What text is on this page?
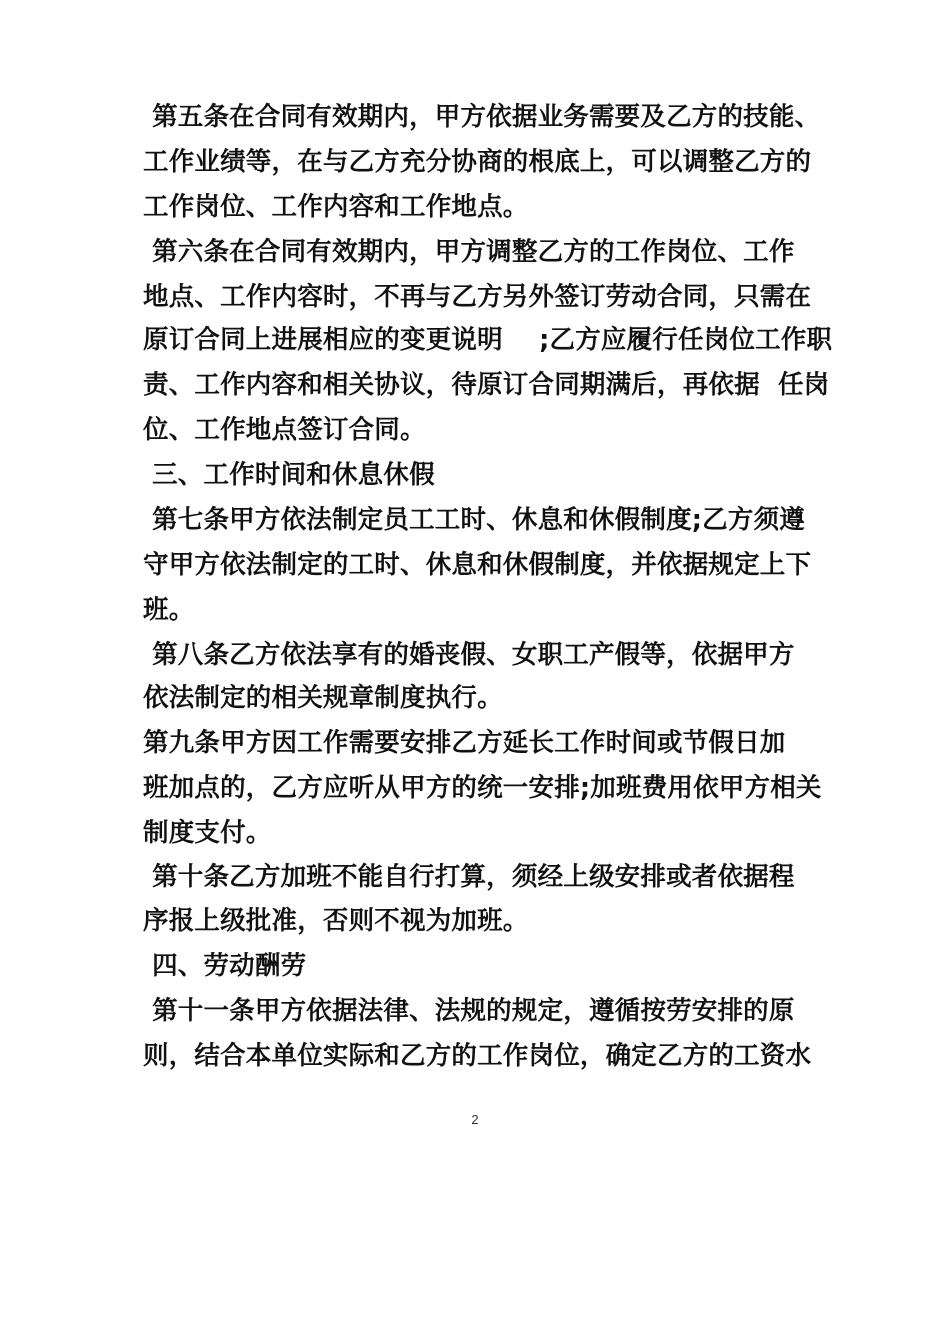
第五条在合同有效期内，甲方依据业务需要及乙方的技能、
工作业绩等，在与乙方充分协商的根底上，可以调整乙方的
工作岗位、工作内容和工作地点。
第六条在合同有效期内，甲方调整乙方的工作岗位、工作
地点、工作内容时，不再与乙方另外签订劳动合同，只需在
原订合同上进展相应的变更说明    ;乙方应履行任岗位工作职
责、工作内容和相关协议，待原订合同期满后，再依据  任岗
位、工作地点签订合同。
三、工作时间和休息休假
第七条甲方依法制定员工工时、休息和休假制度;乙方须遵
守甲方依法制定的工时、休息和休假制度，并依据规定上下
班。
第八条乙方依法享有的婚丧假、女职工产假等，依据甲方
依法制定的相关规章制度执行。
第九条甲方因工作需要安排乙方延长工作时间或节假日加
班加点的，乙方应听从甲方的统一安排;加班费用依甲方相关
制度支付。
第十条乙方加班不能自行打算，须经上级安排或者依据程
序报上级批准，否则不视为加班。
四、劳动酬劳
第十一条甲方依据法律、法规的规定，遵循按劳安排的原
则，结合本单位实际和乙方的工作岗位，确定乙方的工资水
2
